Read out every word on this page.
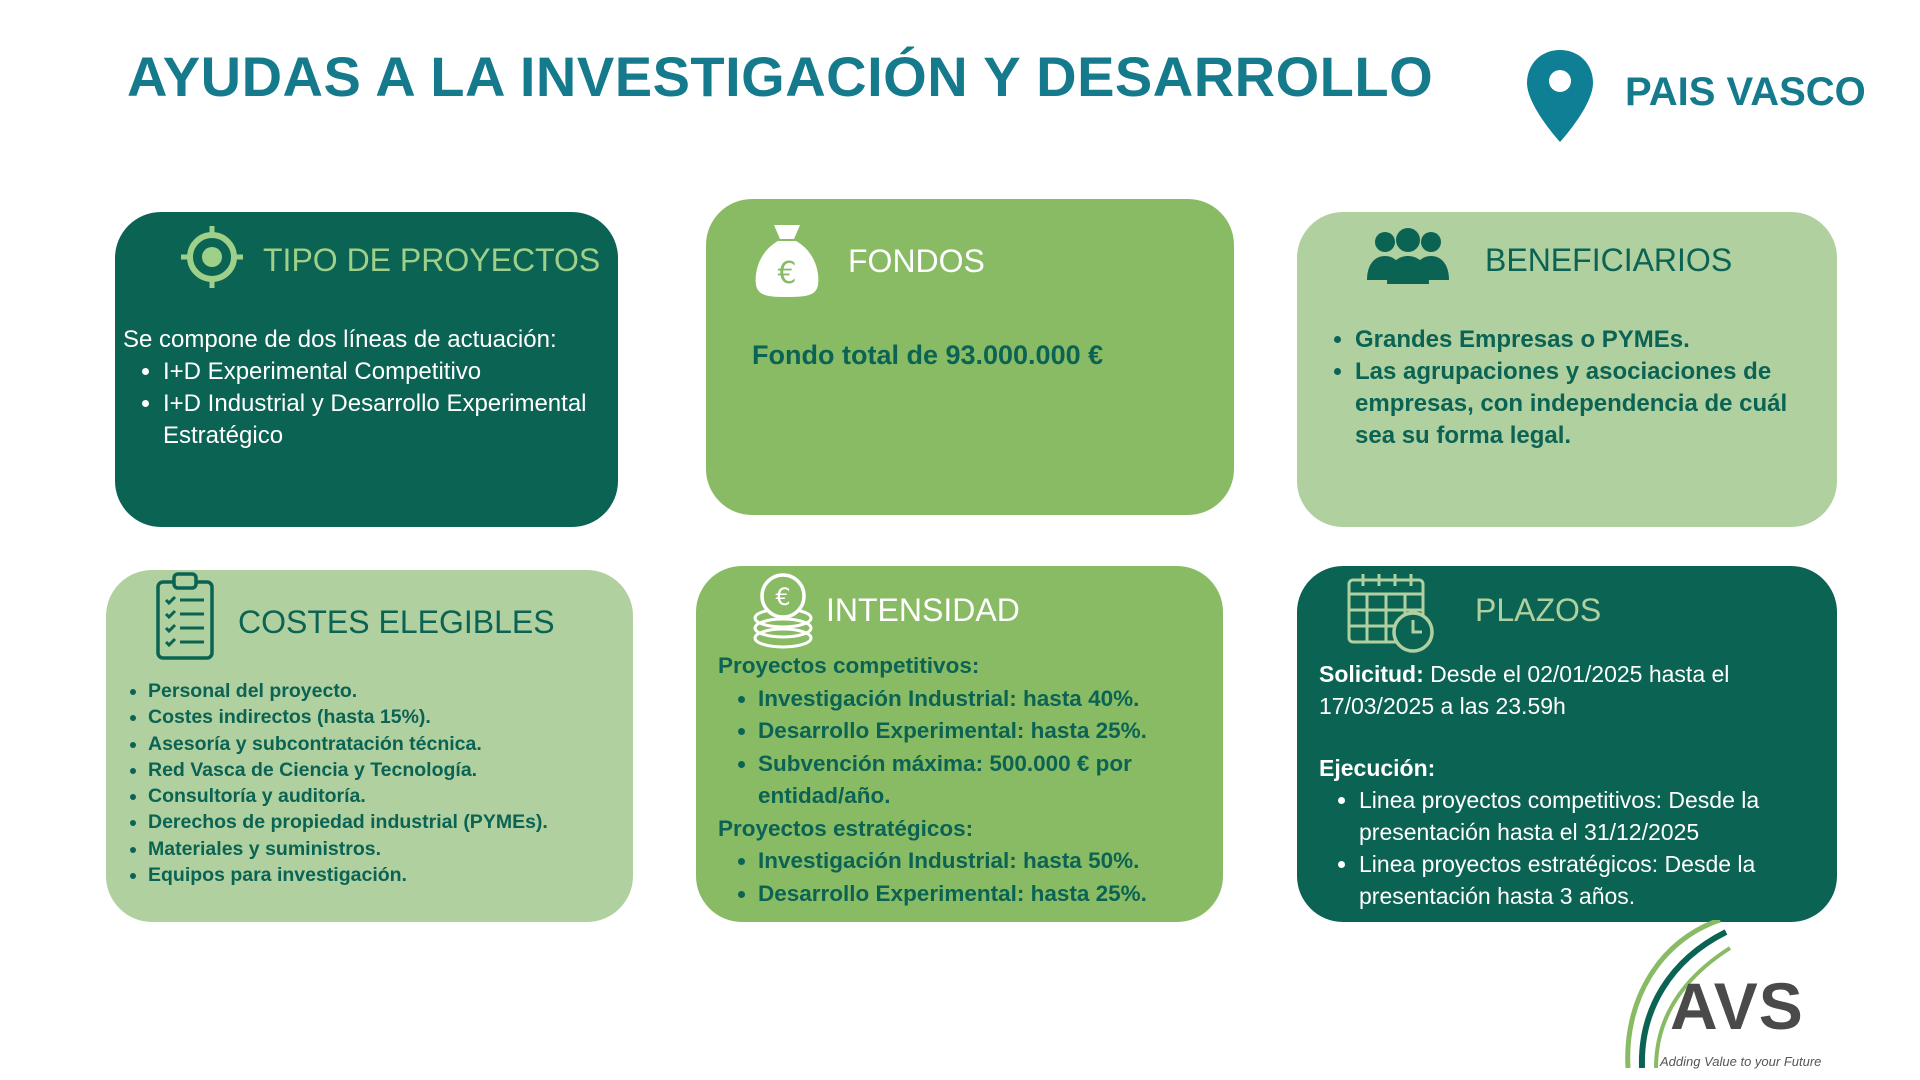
AYUDAS A LA INVESTIGACIÓN Y DESARROLLO	PAIS VASCO
TIPO DE PROYECTOS
Se compone de dos líneas de actuación:
• I+D Experimental Competitivo
• I+D Industrial y Desarrollo Experimental Estratégico
€ FONDOS
Fondo total de 93.000.000 €
BENEFICIARIOS
• Grandes Empresas o PYMEs.
• Las agrupaciones y asociaciones de empresas, con independencia de cuál sea su forma legal.
COSTES ELEGIBLES
• Personal del proyecto.
• Costes indirectos (hasta 15%).
• Asesoría y subcontratación técnica.
• Red Vasca de Ciencia y Tecnología.
• Consultoría y auditoría.
• Derechos de propiedad industrial (PYMEs).
• Materiales y suministros.
• Equipos para investigación.
€ INTENSIDAD
Proyectos competitivos:
• Investigación Industrial: hasta 40%.
• Desarrollo Experimental: hasta 25%.
• Subvención máxima: 500.000 € por entidad/año.
Proyectos estratégicos:
• Investigación Industrial: hasta 50%.
• Desarrollo Experimental: hasta 25%.
PLAZOS
Solicitud: Desde el 02/01/2025 hasta el 17/03/2025 a las 23.59h
Ejecución:
• Linea proyectos competitivos: Desde la presentación hasta el 31/12/2025
• Linea proyectos estratégicos: Desde la presentación hasta 3 años.
AVS
Adding Value to your Future
